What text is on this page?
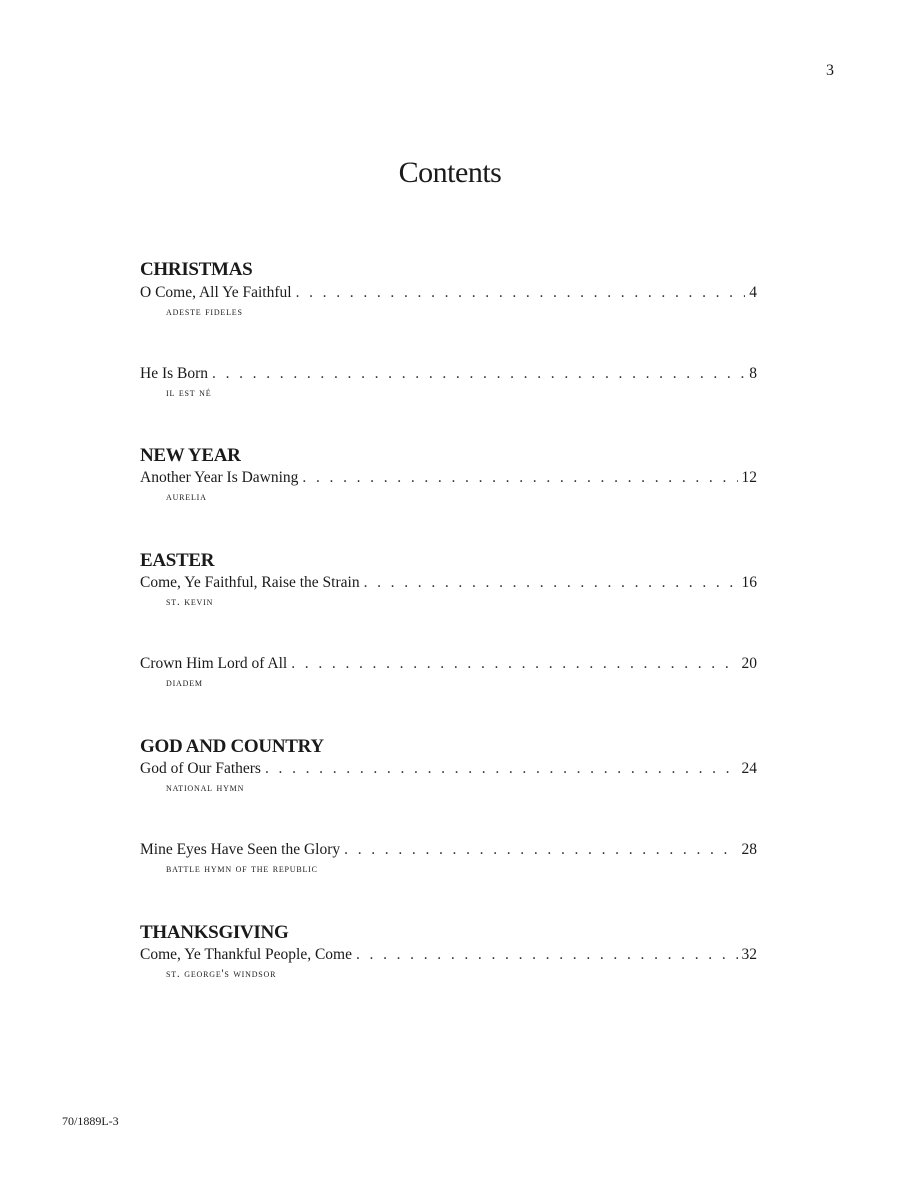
3
Contents
CHRISTMAS
O Come, All Ye Faithful . . .	4
adeste fideles
He Is Born . . .	8
il est né
NEW YEAR
Another Year Is Dawning . . .	12
aurelia
EASTER
Come, Ye Faithful, Raise the Strain . . .	16
st. kevin
Crown Him Lord of All . . .	20
diadem
GOD AND COUNTRY
God of Our Fathers . . .	24
national hymn
Mine Eyes Have Seen the Glory . . .	28
battle hymn of the republic
THANKSGIVING
Come, Ye Thankful People, Come . . .	32
st. george's windsor
70/1889L-3
